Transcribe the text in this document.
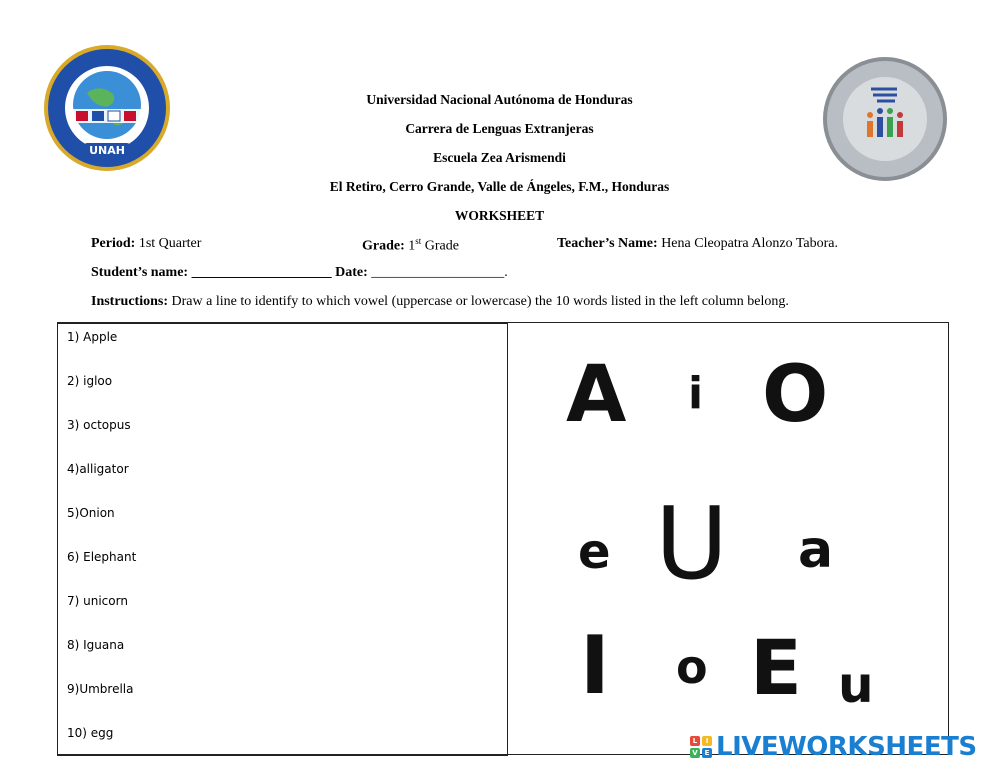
UNAH
Universidad Nacional Autónoma de Honduras
Carrera de Lenguas Extranjeras
Escuela Zea Arismendi
El Retiro, Cerro Grande, Valle de Ángeles, F.M., Honduras
WORKSHEET
Period: 1st Quarter	Grade: 1st Grade	Teacher’s Name: Hena Cleopatra Alonzo Tabora.
Student’s name: ____________________ Date: ___________________.
Instructions: Draw a line to identify to which vowel (uppercase or lowercase) the 10 words listed in the left column belong.
1) Apple
2) igloo
3) octopus
4)alligator
5)Onion
6) Elephant
7) unicorn
8) Iguana
9)Umbrella
10) egg
A i O
e U a
I o E u
L	I
V E LIVEWORKSHEETS
